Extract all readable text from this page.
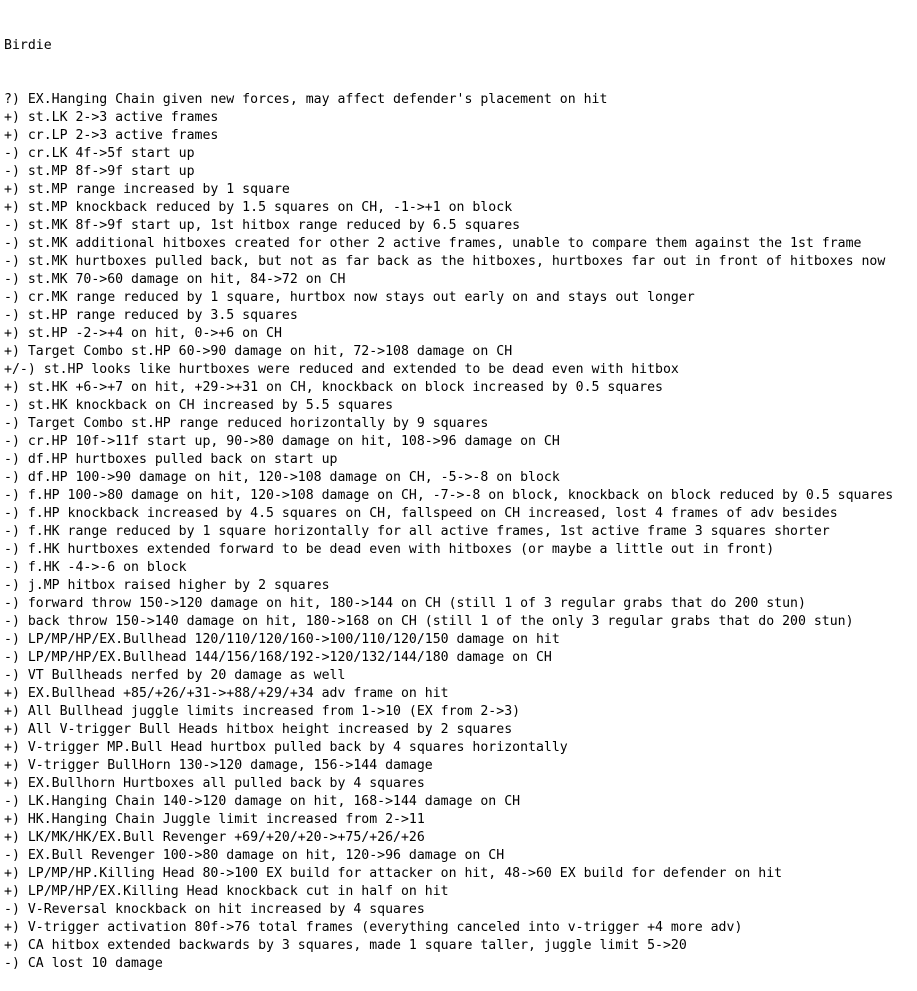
Birdie

?) EX.Hanging Chain given new forces, may affect defender's placement on hit
+) st.LK 2->3 active frames
+) cr.LP 2->3 active frames
-) cr.LK 4f->5f start up
-) st.MP 8f->9f start up
+) st.MP range increased by 1 square
+) st.MP knockback reduced by 1.5 squares on CH, -1->+1 on block
-) st.MK 8f->9f start up, 1st hitbox range reduced by 6.5 squares
-) st.MK additional hitboxes created for other 2 active frames, unable to compare them against the 1st frame
-) st.MK hurtboxes pulled back, but not as far back as the hitboxes, hurtboxes far out in front of hitboxes now
-) st.MK 70->60 damage on hit, 84->72 on CH
-) cr.MK range reduced by 1 square, hurtbox now stays out early on and stays out longer
-) st.HP range reduced by 3.5 squares
+) st.HP -2->+4 on hit, 0->+6 on CH
+) Target Combo st.HP 60->90 damage on hit, 72->108 damage on CH
+/-) st.HP looks like hurtboxes were reduced and extended to be dead even with hitbox
+) st.HK +6->+7 on hit, +29->+31 on CH, knockback on block increased by 0.5 squares
-) st.HK knockback on CH increased by 5.5 squares
-) Target Combo st.HP range reduced horizontally by 9 squares
-) cr.HP 10f->11f start up, 90->80 damage on hit, 108->96 damage on CH
-) df.HP hurtboxes pulled back on start up
-) df.HP 100->90 damage on hit, 120->108 damage on CH, -5->-8 on block
-) f.HP 100->80 damage on hit, 120->108 damage on CH, -7->-8 on block, knockback on block reduced by 0.5 squares
-) f.HP knockback increased by 4.5 squares on CH, fallspeed on CH increased, lost 4 frames of adv besides
-) f.HK range reduced by 1 square horizontally for all active frames, 1st active frame 3 squares shorter
-) f.HK hurtboxes extended forward to be dead even with hitboxes (or maybe a little out in front)
-) f.HK -4->-6 on block
-) j.MP hitbox raised higher by 2 squares
-) forward throw 150->120 damage on hit, 180->144 on CH (still 1 of 3 regular grabs that do 200 stun)
-) back throw 150->140 damage on hit, 180->168 on CH (still 1 of the only 3 regular grabs that do 200 stun)
-) LP/MP/HP/EX.Bullhead 120/110/120/160->100/110/120/150 damage on hit
-) LP/MP/HP/EX.Bullhead 144/156/168/192->120/132/144/180 damage on CH
-) VT Bullheads nerfed by 20 damage as well
+) EX.Bullhead +85/+26/+31->+88/+29/+34 adv frame on hit
+) All Bullhead juggle limits increased from 1->10 (EX from 2->3)
+) All V-trigger Bull Heads hitbox height increased by 2 squares
+) V-trigger MP.Bull Head hurtbox pulled back by 4 squares horizontally
+) V-trigger BullHorn 130->120 damage, 156->144 damage
+) EX.Bullhorn Hurtboxes all pulled back by 4 squares
-) LK.Hanging Chain 140->120 damage on hit, 168->144 damage on CH
+) HK.Hanging Chain Juggle limit increased from 2->11
+) LK/MK/HK/EX.Bull Revenger +69/+20/+20->+75/+26/+26
-) EX.Bull Revenger 100->80 damage on hit, 120->96 damage on CH
+) LP/MP/HP.Killing Head 80->100 EX build for attacker on hit, 48->60 EX build for defender on hit
+) LP/MP/HP/EX.Killing Head knockback cut in half on hit
-) V-Reversal knockback on hit increased by 4 squares
+) V-trigger activation 80f->76 total frames (everything canceled into v-trigger +4 more adv)
+) CA hitbox extended backwards by 3 squares, made 1 square taller, juggle limit 5->20
-) CA lost 10 damage
